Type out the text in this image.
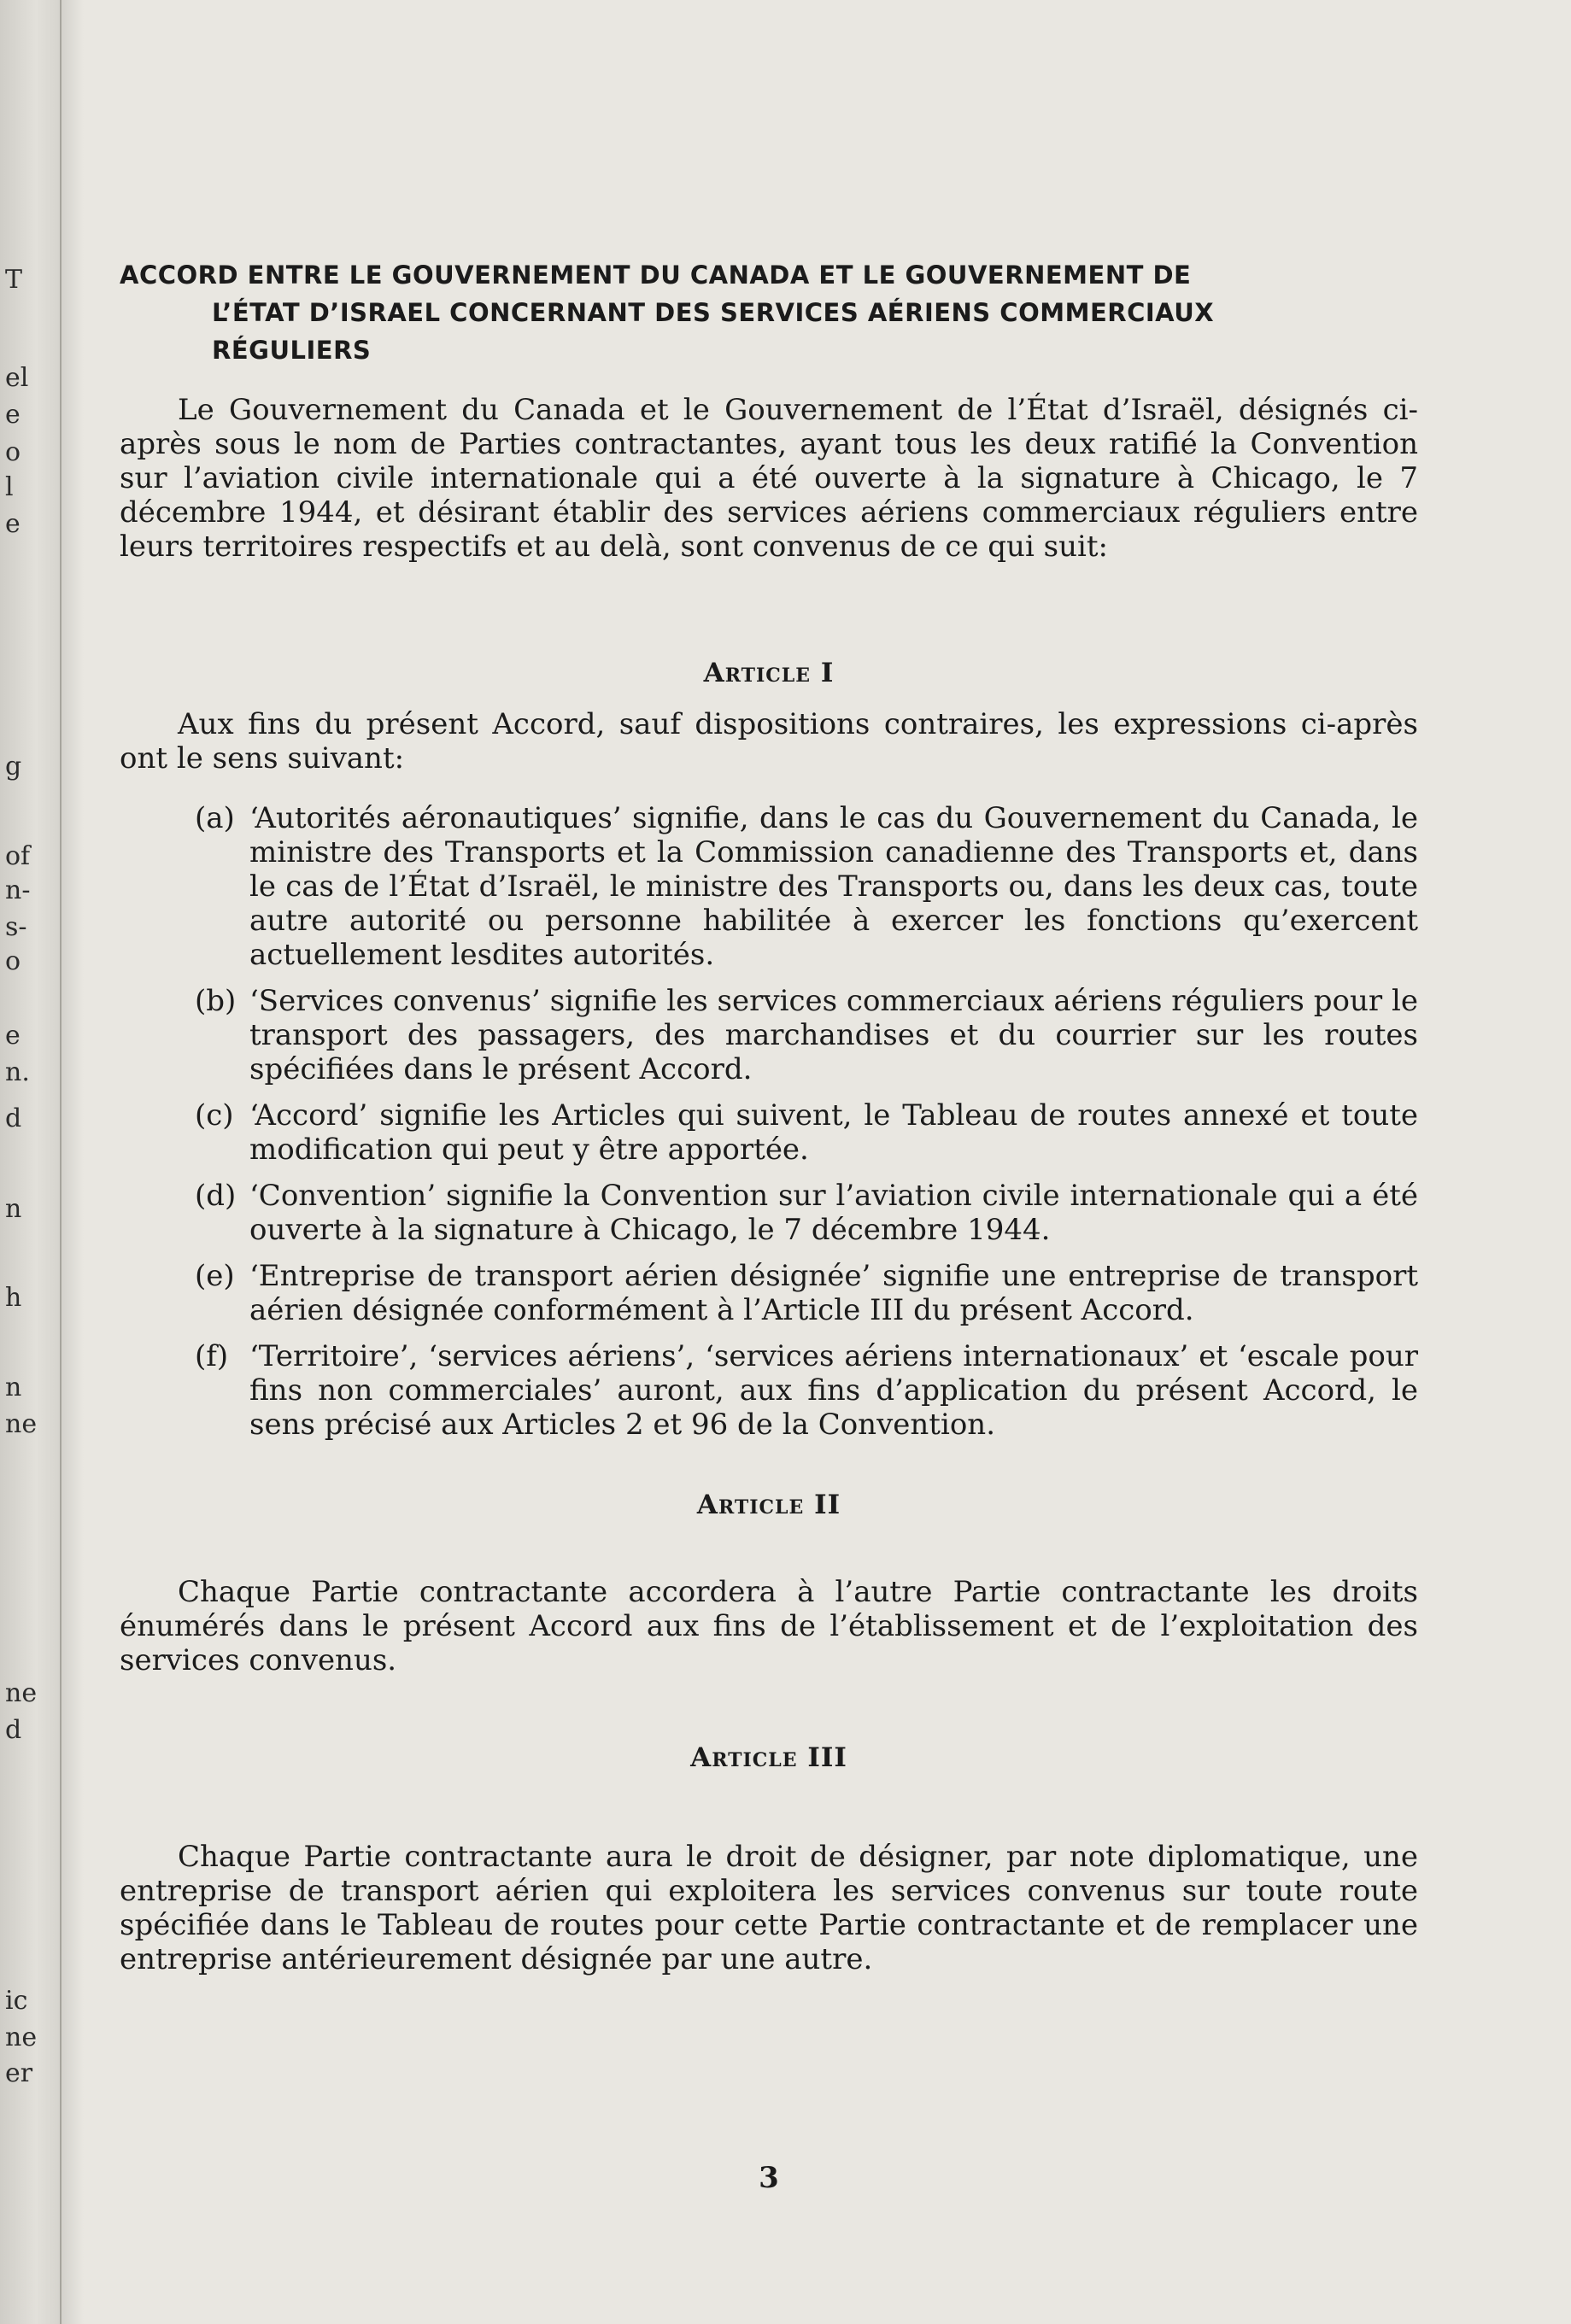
T
el
e
o
l
e
g
of
n-
s-
o
e
n.
d
n
h
n
ne
ne
d
ic
ne
er
ACCORD ENTRE LE GOUVERNEMENT DU CANADA ET LE GOUVERNEMENT DE
L’ÉTAT D’ISRAEL CONCERNANT DES SERVICES AÉRIENS COMMERCIAUX
RÉGULIERS

Le Gouvernement du Canada et le Gouvernement de l’État d’Israël, désignés ci-après sous le nom de Parties contractantes, ayant tous les deux ratifié la Convention sur l’aviation civile internationale qui a été ouverte à la signature à Chicago, le 7 décembre 1944, et désirant établir des services aériens commerciaux réguliers entre leurs territoires respectifs et au delà, sont convenus de ce qui suit:

Article I

Aux fins du présent Accord, sauf dispositions contraires, les expressions ci-après ont le sens suivant:

(a) ‘Autorités aéronautiques’ signifie, dans le cas du Gouvernement du Canada, le ministre des Transports et la Commission canadienne des Transports et, dans le cas de l’État d’Israël, le ministre des Transports ou, dans les deux cas, toute autre autorité ou personne habilitée à exercer les fonctions qu’exercent actuellement lesdites autorités.
(b) ‘Services convenus’ signifie les services commerciaux aériens réguliers pour le transport des passagers, des marchandises et du courrier sur les routes spécifiées dans le présent Accord.
(c) ‘Accord’ signifie les Articles qui suivent, le Tableau de routes annexé et toute modification qui peut y être apportée.
(d) ‘Convention’ signifie la Convention sur l’aviation civile internationale qui a été ouverte à la signature à Chicago, le 7 décembre 1944.
(e) ‘Entreprise de transport aérien désignée’ signifie une entreprise de transport aérien désignée conformément à l’Article III du présent Accord.
(f) ‘Territoire’, ‘services aériens’, ‘services aériens internationaux’ et ‘escale pour fins non commerciales’ auront, aux fins d’application du présent Accord, le sens précisé aux Articles 2 et 96 de la Convention.
Article II

Chaque Partie contractante accordera à l’autre Partie contractante les droits énumérés dans le présent Accord aux fins de l’établissement et de l’exploitation des services convenus.

Article III

Chaque Partie contractante aura le droit de désigner, par note diplomatique, une entreprise de transport aérien qui exploitera les services convenus sur toute route spécifiée dans le Tableau de routes pour cette Partie contractante et de remplacer une entreprise antérieurement désignée par une autre.

3
